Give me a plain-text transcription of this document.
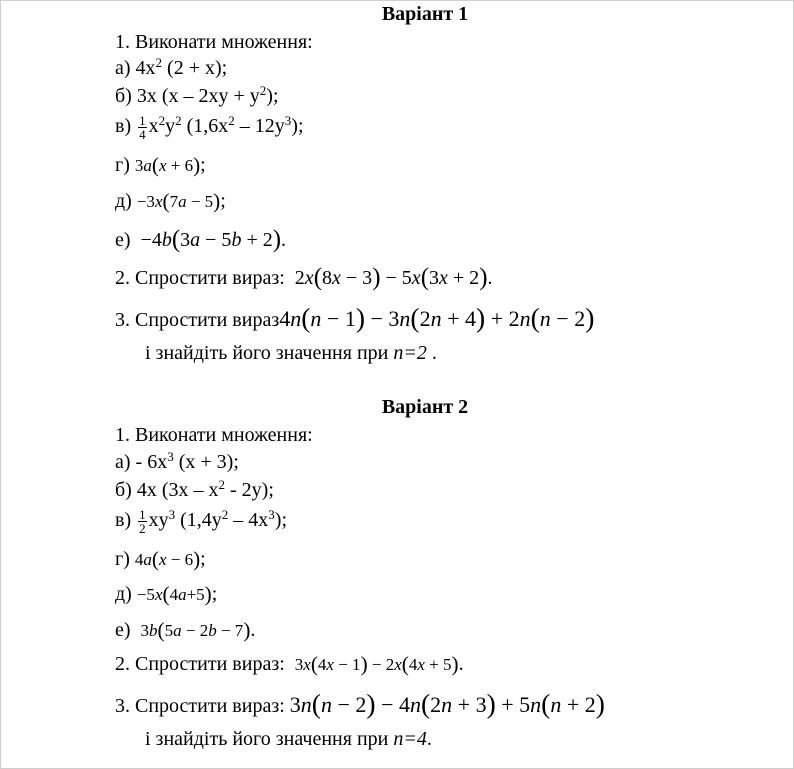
Варіант 1
1. Виконати множення:
а) $4x^2$ (2 + x);
б) 3x $(x - 2xy + y^2)$;
$в) \frac{1}{4} x^2y^2$ $(1,6x^2 - 12y^3)$;
г) 3a(x + 6);
д) −3x(7a − 5);
е) −4b(3a − 5b + 2).
2. Спростити вираз: 2x(8x − 3) − 5x(3x + 2).
3. Спростити вираз4n(n − 1) − 3n(2n + 4) + 2n(n − 2)
і знайдіть його значення при n=2 .
Варіант 2
1. Виконати множення:
$а) - 6x^3$ (x + 3);
б) 4x $(3x - x^2 - 2y)$;
$в) \frac{1}{2} xy^3$ $(1,4y^2 - 4x^3)$;
г) 4a(x − 6);
д) −5x(4a+5);
е) 3b(5a − 2b − 7).
2. Спростити вираз: 3x(4x − 1) − 2x(4x + 5).
3. Спростити вираз: 3n(n − 2) − 4n(2n + 3) + 5n(n + 2)
і знайдіть його значення при n=4.
